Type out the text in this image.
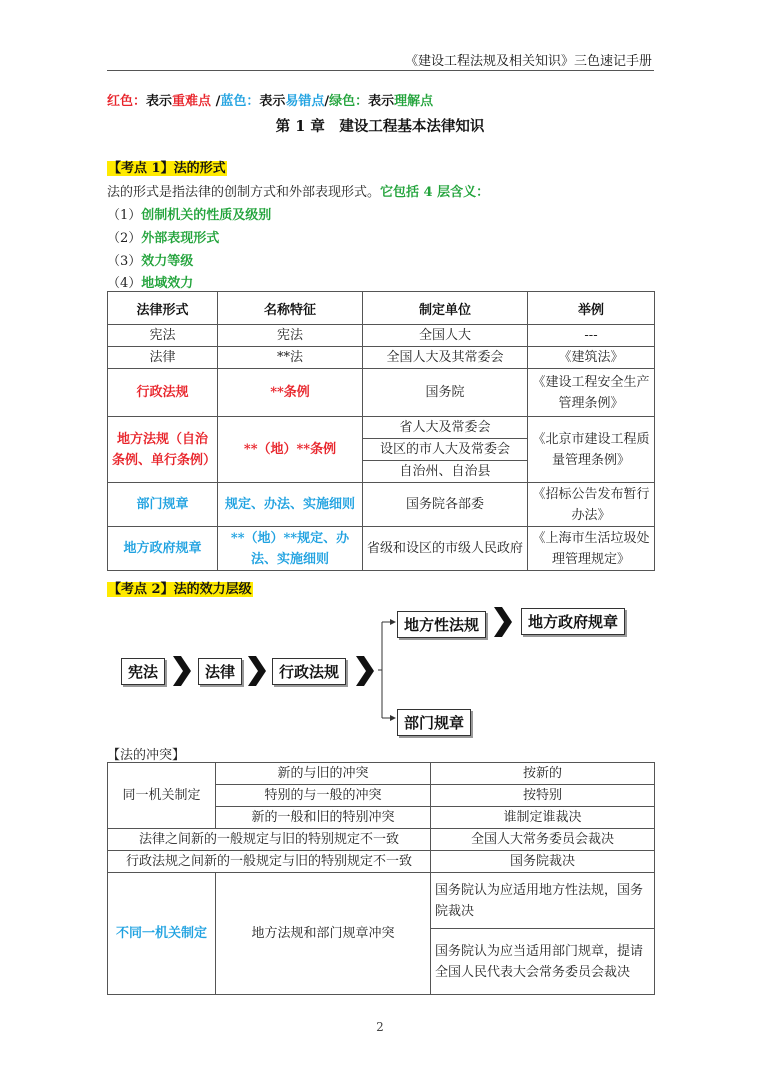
《建设工程法规及相关知识》三色速记手册
红色：表示重难点 /蓝色：表示易错点/绿色：表示理解点
第 1 章　建设工程基本法律知识
【考点 1】法的形式
法的形式是指法律的创制方式和外部表现形式。它包括 4 层含义：
（1）创制机关的性质及级别
（2）外部表现形式
（3）效力等级
（4）地域效力
法律形式	名称特征	制定单位	举例
宪法	宪法	全国人大	---
法律	**法	全国人大及其常委会	《建筑法》
行政法规	**条例	国务院	《建设工程安全生产管理条例》
地方法规（自治条例、单行条例）	**（地）**条例	省人大及常委会	《北京市建设工程质量管理条例》
		设区的市人大及常委会	
		自治州、自治县	
部门规章	规定、办法、实施细则	国务院各部委	《招标公告发布暂行办法》
地方政府规章	**（地）**规定、办法、实施细则	省级和设区的市级人民政府	《上海市生活垃圾处理管理规定》
【考点 2】法的效力层级
宪法	法律	行政法规
地方性法规	地方政府规章
部门规章
【法的冲突】
同一机关制定	新的与旧的冲突	按新的
	特别的与一般的冲突	按特别
	新的一般和旧的特别冲突	谁制定谁裁决
法律之间新的一般规定与旧的特别规定不一致		全国人大常务委员会裁决
行政法规之间新的一般规定与旧的特别规定不一致		国务院裁决
不同一机关制定	地方法规和部门规章冲突	国务院认为应适用地方性法规，国务院裁决
		国务院认为应当适用部门规章，提请全国人民代表大会常务委员会裁决
2
